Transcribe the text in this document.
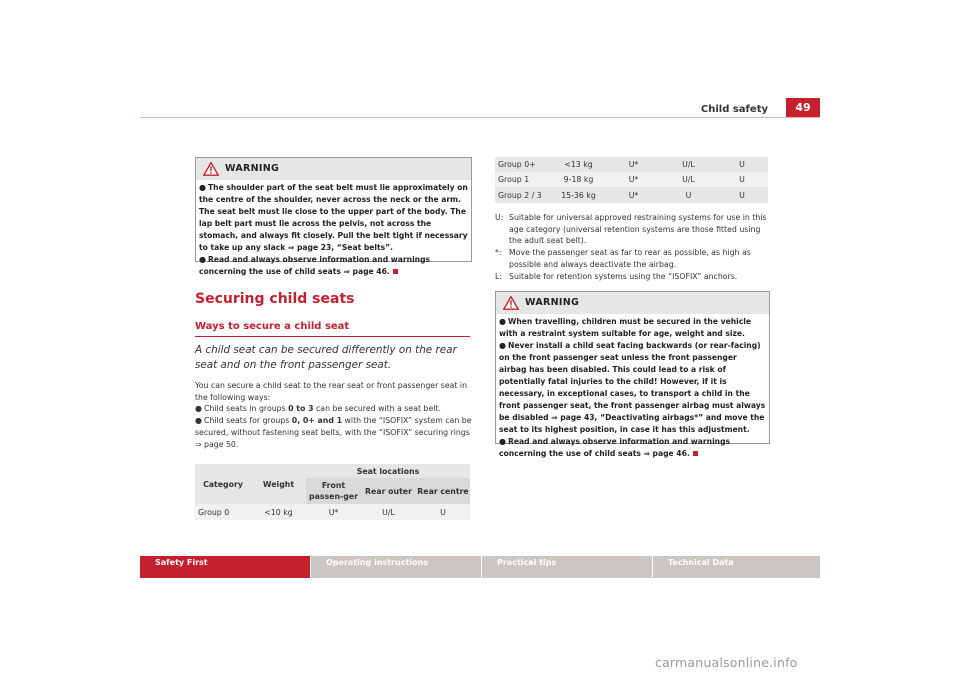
Child safety	49
WARNING

● The shoulder part of the seat belt must lie approximately on the centre of the shoulder, never across the neck or the arm. The seat belt must lie close to the upper part of the body. The lap belt part must lie across the pelvis, not across the stomach, and always fit closely. Pull the belt tight if necessary to take up any slack ⇒ page 23, “Seat belts”.

● Read and always observe information and warnings concerning the use of child seats ⇒ page 46.

Securing child seats
Ways to secure a child seat
A child seat can be secured differently on the rear seat and on the front passenger seat.

You can secure a child seat to the rear seat or front passenger seat in the following ways:

● Child seats in groups 0 to 3 can be secured with a seat belt.

● Child seats for groups 0, 0+ and 1 with the “ISOFIX” system can be secured, without fastening seat belts, with the “ISOFIX” securing rings ⇒ page 50.

Category	Weight	Seat locations		
		Front passen-ger	Rear outer	Rear centre
Group 0	<10 kg	U*	U/L	U
Group 0+	<13 kg	U*	U/L	U
Group 1	9-18 kg	U*	U/L	U
Group 2 / 3	15-36 kg	U*	U	U
U: Suitable for universal approved restraining systems for use in this age category (universal retention systems are those fitted using the adult seat belt).
*: Move the passenger seat as far to rear as possible, as high as possible and always deactivate the airbag.
L: Suitable for retention systems using the “ISOFIX” anchors.
WARNING

● When travelling, children must be secured in the vehicle with a restraint system suitable for age, weight and size.

● Never install a child seat facing backwards (or rear-facing) on the front passenger seat unless the front passenger airbag has been disabled. This could lead to a risk of potentially fatal injuries to the child! However, if it is necessary, in exceptional cases, to transport a child in the front passenger seat, the front passenger airbag must always be disabled ⇒ page 43, “Deactivating airbags*” and move the seat to its highest position, in case it has this adjustment.

● Read and always observe information and warnings concerning the use of child seats ⇒ page 46.

Safety First	Operating instructions	Practical tips	Technical Data
carmanualsonline.info
